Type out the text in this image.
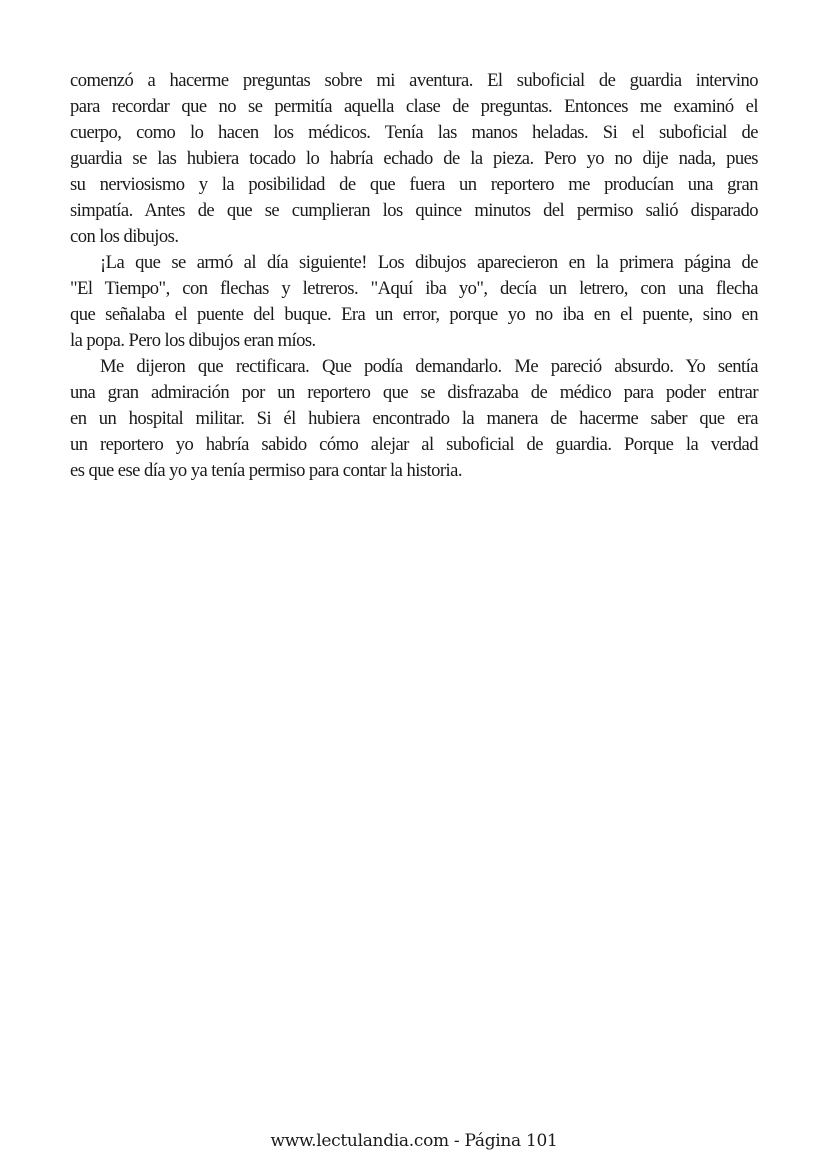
comenzó a hacerme preguntas sobre mi aventura. El suboficial de guardia intervino
para recordar que no se permitía aquella clase de preguntas. Entonces me examinó el
cuerpo, como lo hacen los médicos. Tenía las manos heladas. Si el suboficial de
guardia se las hubiera tocado lo habría echado de la pieza. Pero yo no dije nada, pues
su nerviosismo y la posibilidad de que fuera un reportero me producían una gran
simpatía. Antes de que se cumplieran los quince minutos del permiso salió disparado
con los dibujos.
¡La que se armó al día siguiente! Los dibujos aparecieron en la primera página de
"El Tiempo", con flechas y letreros. "Aquí iba yo", decía un letrero, con una flecha
que señalaba el puente del buque. Era un error, porque yo no iba en el puente, sino en
la popa. Pero los dibujos eran míos.
Me dijeron que rectificara. Que podía demandarlo. Me pareció absurdo. Yo sentía
una gran admiración por un reportero que se disfrazaba de médico para poder entrar
en un hospital militar. Si él hubiera encontrado la manera de hacerme saber que era
un reportero yo habría sabido cómo alejar al suboficial de guardia. Porque la verdad
es que ese día yo ya tenía permiso para contar la historia.
www.lectulandia.com - Página 101
